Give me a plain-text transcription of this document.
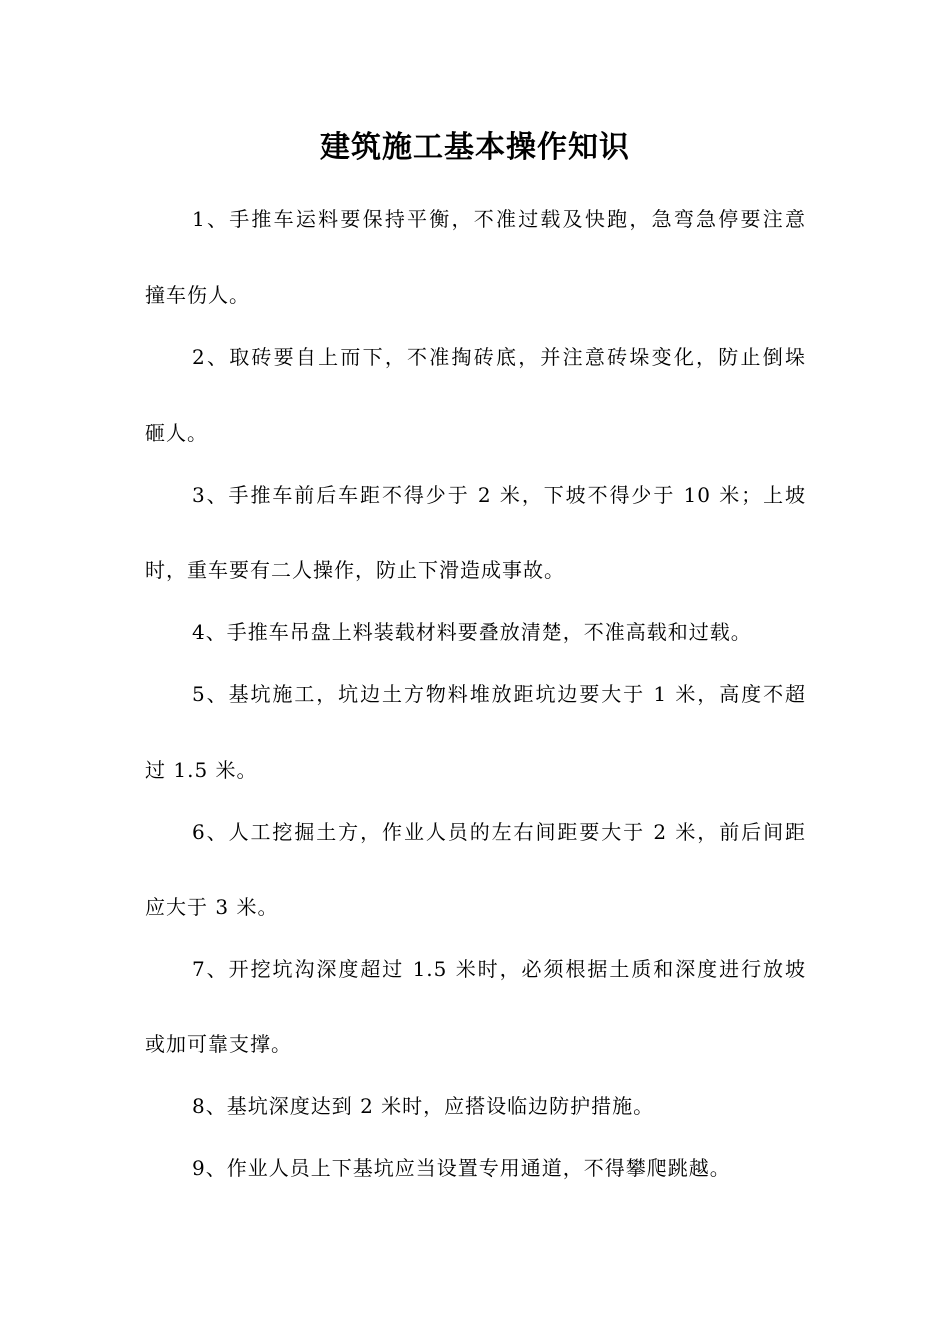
建筑施工基本操作知识
1、手推车运料要保持平衡，不准过载及快跑，急弯急停要注意
撞车伤人。
2、取砖要自上而下，不准掏砖底，并注意砖垛变化，防止倒垛
砸人。
3、手推车前后车距不得少于 2 米，下坡不得少于 10 米；上坡
时，重车要有二人操作，防止下滑造成事故。
4、手推车吊盘上料装载材料要叠放清楚，不准高载和过载。
5、基坑施工，坑边土方物料堆放距坑边要大于 1 米，高度不超
过 1.5 米。
6、人工挖掘土方，作业人员的左右间距要大于 2 米，前后间距
应大于 3 米。
7、开挖坑沟深度超过 1.5 米时，必须根据土质和深度进行放坡
或加可靠支撑。
8、基坑深度达到 2 米时，应搭设临边防护措施。
9、作业人员上下基坑应当设置专用通道，不得攀爬跳越。
